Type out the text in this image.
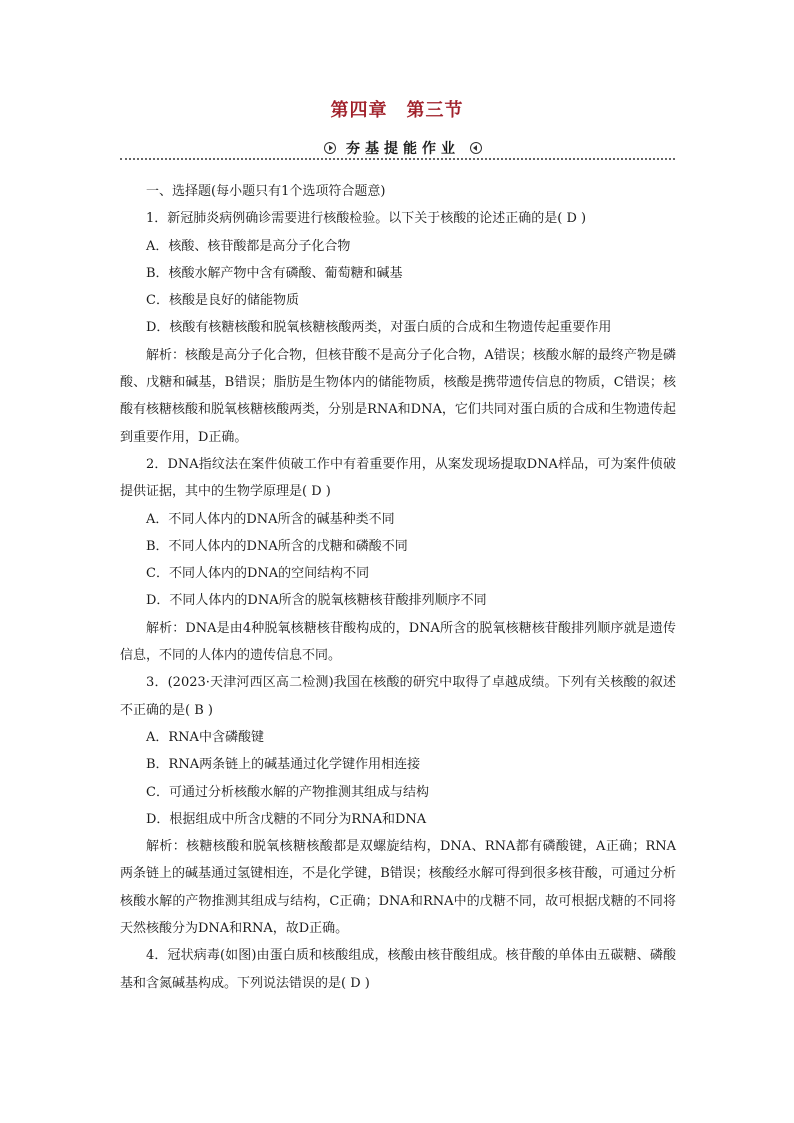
第四章　第三节
夯基提能作业

一、选择题(每小题只有1个选项符合题意)

1．新冠肺炎病例确诊需要进行核酸检验。以下关于核酸的论述正确的是( D )

A．核酸、核苷酸都是高分子化合物
B．核酸水解产物中含有磷酸、葡萄糖和碱基
C．核酸是良好的储能物质
D．核酸有核糖核酸和脱氧核糖核酸两类，对蛋白质的合成和生物遗传起重要作用

解析：核酸是高分子化合物，但核苷酸不是高分子化合物，A错误；核酸水解的最终产物是磷酸、戊糖和碱基，B错误；脂肪是生物体内的储能物质，核酸是携带遗传信息的物质，C错误；核酸有核糖核酸和脱氧核糖核酸两类，分别是RNA和DNA，它们共同对蛋白质的合成和生物遗传起到重要作用，D正确。

2．DNA指纹法在案件侦破工作中有着重要作用，从案发现场提取DNA样品，可为案件侦破提供证据，其中的生物学原理是( D )

A．不同人体内的DNA所含的碱基种类不同
B．不同人体内的DNA所含的戊糖和磷酸不同
C．不同人体内的DNA的空间结构不同
D．不同人体内的DNA所含的脱氧核糖核苷酸排列顺序不同

解析：DNA是由4种脱氧核糖核苷酸构成的，DNA所含的脱氧核糖核苷酸排列顺序就是遗传信息，不同的人体内的遗传信息不同。

3．(2023·天津河西区高二检测)我国在核酸的研究中取得了卓越成绩。下列有关核酸的叙述不正确的是( B )

A．RNA中含磷酸键
B．RNA两条链上的碱基通过化学键作用相连接
C．可通过分析核酸水解的产物推测其组成与结构
D．根据组成中所含戊糖的不同分为RNA和DNA

解析：核糖核酸和脱氧核糖核酸都是双螺旋结构，DNA、RNA都有磷酸键，A正确；RNA两条链上的碱基通过氢键相连，不是化学键，B错误；核酸经水解可得到很多核苷酸，可通过分析核酸水解的产物推测其组成与结构，C正确；DNA和RNA中的戊糖不同，故可根据戊糖的不同将天然核酸分为DNA和RNA，故D正确。

4．冠状病毒(如图)由蛋白质和核酸组成，核酸由核苷酸组成。核苷酸的单体由五碳糖、磷酸基和含氮碱基构成。下列说法错误的是( D )
